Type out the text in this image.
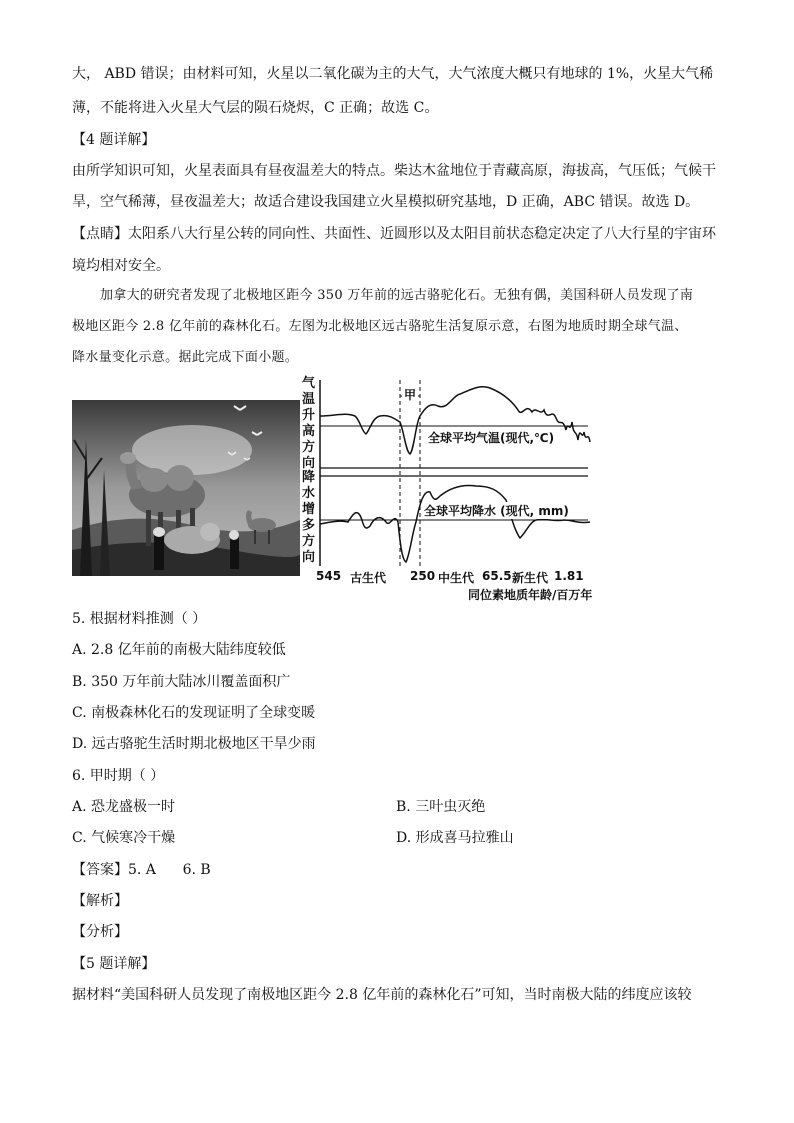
大， ABD 错误；由材料可知，火星以二氧化碳为主的大气，大气浓度大概只有地球的 1%，火星大气稀
薄，不能将进入火星大气层的陨石烧烬，C 正确；故选 C。
【4 题详解】
由所学知识可知，火星表面具有昼夜温差大的特点。柴达木盆地位于青藏高原，海拔高，气压低；气候干
旱，空气稀薄，昼夜温差大；故适合建设我国建立火星模拟研究基地，D 正确，ABC 错误。故选 D。
【点睛】太阳系八大行星公转的同向性、共面性、近圆形以及太阳目前状态稳定决定了八大行星的宇宙环
境均相对安全。
加拿大的研究者发现了北极地区距今 350 万年前的远古骆驼化石。无独有偶，美国科研人员发现了南
极地区距今 2.8 亿年前的森林化石。左图为北极地区远古骆驼生活复原示意，右图为地质时期全球气温、
降水量变化示意。据此完成下面小题。
气温升高方向
降水增多方向
甲
全球平均气温(现代,℃)
全球平均降水 (现代, mm)
545 古生代 250 中生代 65.5 新生代 1.81
同位素地质年龄/百万年
5. 根据材料推测（ ）
A. 2.8 亿年前的南极大陆纬度较低
B. 350 万年前大陆冰川覆盖面积广
C. 南极森林化石的发现证明了全球变暖
D. 远古骆驼生活时期北极地区干旱少雨
6. 甲时期（ ）
A. 恐龙盛极一时	B. 三叶虫灭绝
C. 气候寒冷干燥	D. 形成喜马拉雅山
【答案】5. A      6. B
【解析】
【分析】
【5 题详解】
据材料“美国科研人员发现了南极地区距今 2.8 亿年前的森林化石”可知，当时南极大陆的纬度应该较
